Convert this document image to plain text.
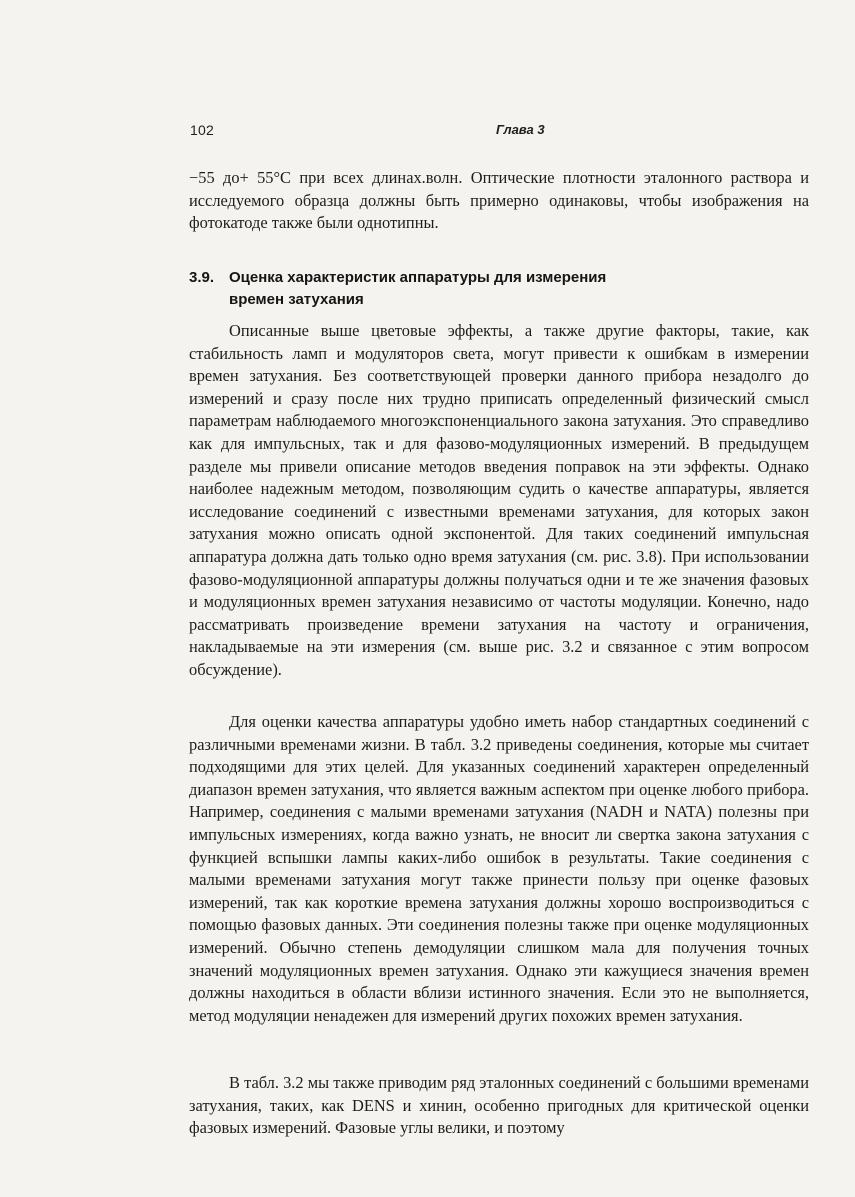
102	Глава 3

−55 до+ 55°С при всех длинах.волн. Оптические плотности эталонного раствора и исследуемого образца должны быть примерно одинаковы, чтобы изображения на фотокатоде также были однотипны.

3.9. Оценка характеристик аппаратуры для измерения
времен затухания

Описанные выше цветовые эффекты, а также другие факторы, такие, как стабильность ламп и модуляторов света, могут привести к ошибкам в измерении времен затухания. Без соответствующей проверки данного прибора незадолго до измерений и сразу после них трудно приписать определенный физический смысл параметрам наблюдаемого многоэкспоненциального закона затухания. Это справедливо как для импульсных, так и для фазово-модуляционных измерений. В предыдущем разделе мы привели описание методов введения поправок на эти эффекты. Однако наиболее надежным методом, позволяющим судить о качестве аппаратуры, является исследование соединений с известными временами затухания, для которых закон затухания можно описать одной экспонентой. Для таких соединений импульсная аппаратура должна дать только одно время затухания (см. рис. 3.8). При использовании фазово-модуляционной аппаратуры должны получаться одни и те же значения фазовых и модуляционных времен затухания независимо от частоты модуляции. Конечно, надо рассматривать произведение времени затухания на частоту и ограничения, накладываемые на эти измерения (см. выше рис. 3.2 и связанное с этим вопросом обсуждение).

Для оценки качества аппаратуры удобно иметь набор стандартных соединений с различными временами жизни. В табл. 3.2 приведены соединения, которые мы считает подходящими для этих целей. Для указанных соединений характерен определенный диапазон времен затухания, что является важным аспектом при оценке любого прибора. Например, соединения с малыми временами затухания (NADH и NATA) полезны при импульсных измерениях, когда важно узнать, не вносит ли свертка закона затухания с функцией вспышки лампы каких-либо ошибок в результаты. Такие соединения с малыми временами затухания могут также принести пользу при оценке фазовых измерений, так как короткие времена затухания должны хорошо воспроизводиться с помощью фазовых данных. Эти соединения полезны также при оценке модуляционных измерений. Обычно степень демодуляции слишком мала для получения точных значений модуляционных времен затухания. Однако эти кажущиеся значения времен должны находиться в области вблизи истинного значения. Если это не выполняется, метод модуляции ненадежен для измерений других похожих времен затухания.

В табл. 3.2 мы также приводим ряд эталонных соединений с большими временами затухания, таких, как DENS и хинин, особенно пригодных для критической оценки фазовых измерений. Фазовые углы велики, и поэтому
